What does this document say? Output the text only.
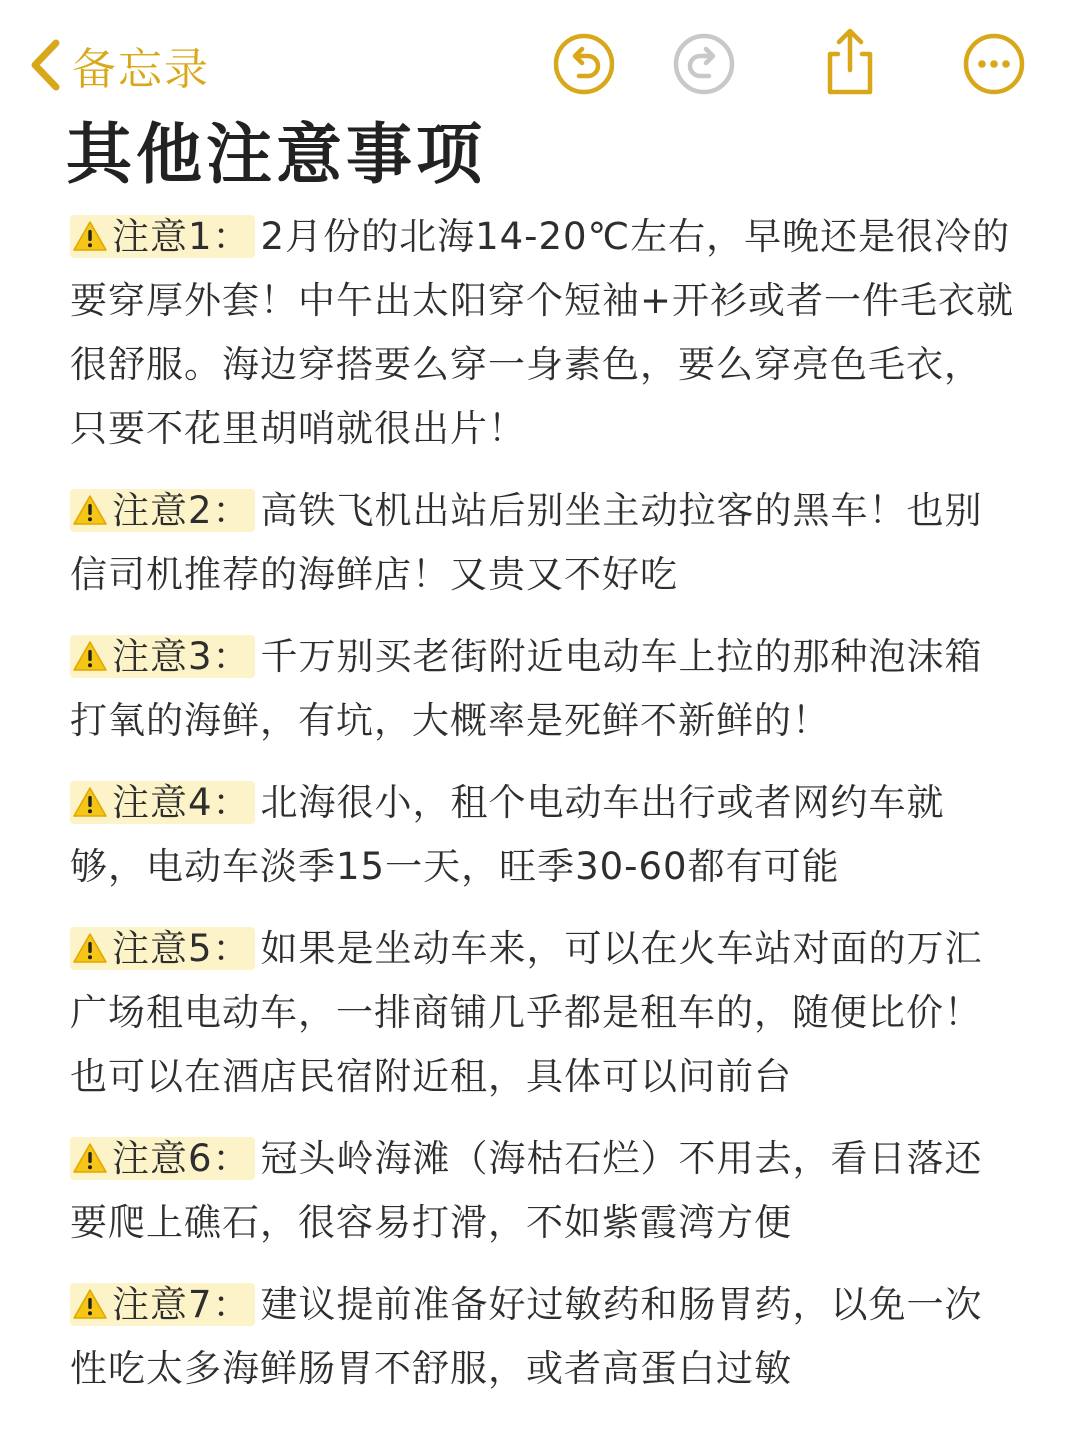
备忘录
其他注意事项

注意1： 2月份的北海14-20℃左右，早晚还是很冷的要穿厚外套！中午出太阳穿个短袖+开衫或者一件毛衣就很舒服。海边穿搭要么穿一身素色，要么穿亮色毛衣，只要不花里胡哨就很出片！

注意2： 高铁飞机出站后别坐主动拉客的黑车！也别信司机推荐的海鲜店！又贵又不好吃

注意3： 千万别买老街附近电动车上拉的那种泡沫箱打氧的海鲜，有坑，大概率是死鲜不新鲜的！

注意4： 北海很小，租个电动车出行或者网约车就够，电动车淡季15一天，旺季30-60都有可能

注意5： 如果是坐动车来，可以在火车站对面的万汇广场租电动车，一排商铺几乎都是租车的，随便比价！也可以在酒店民宿附近租，具体可以问前台

注意6： 冠头岭海滩（海枯石烂）不用去，看日落还要爬上礁石，很容易打滑，不如紫霞湾方便

注意7： 建议提前准备好过敏药和肠胃药，以免一次性吃太多海鲜肠胃不舒服，或者高蛋白过敏
